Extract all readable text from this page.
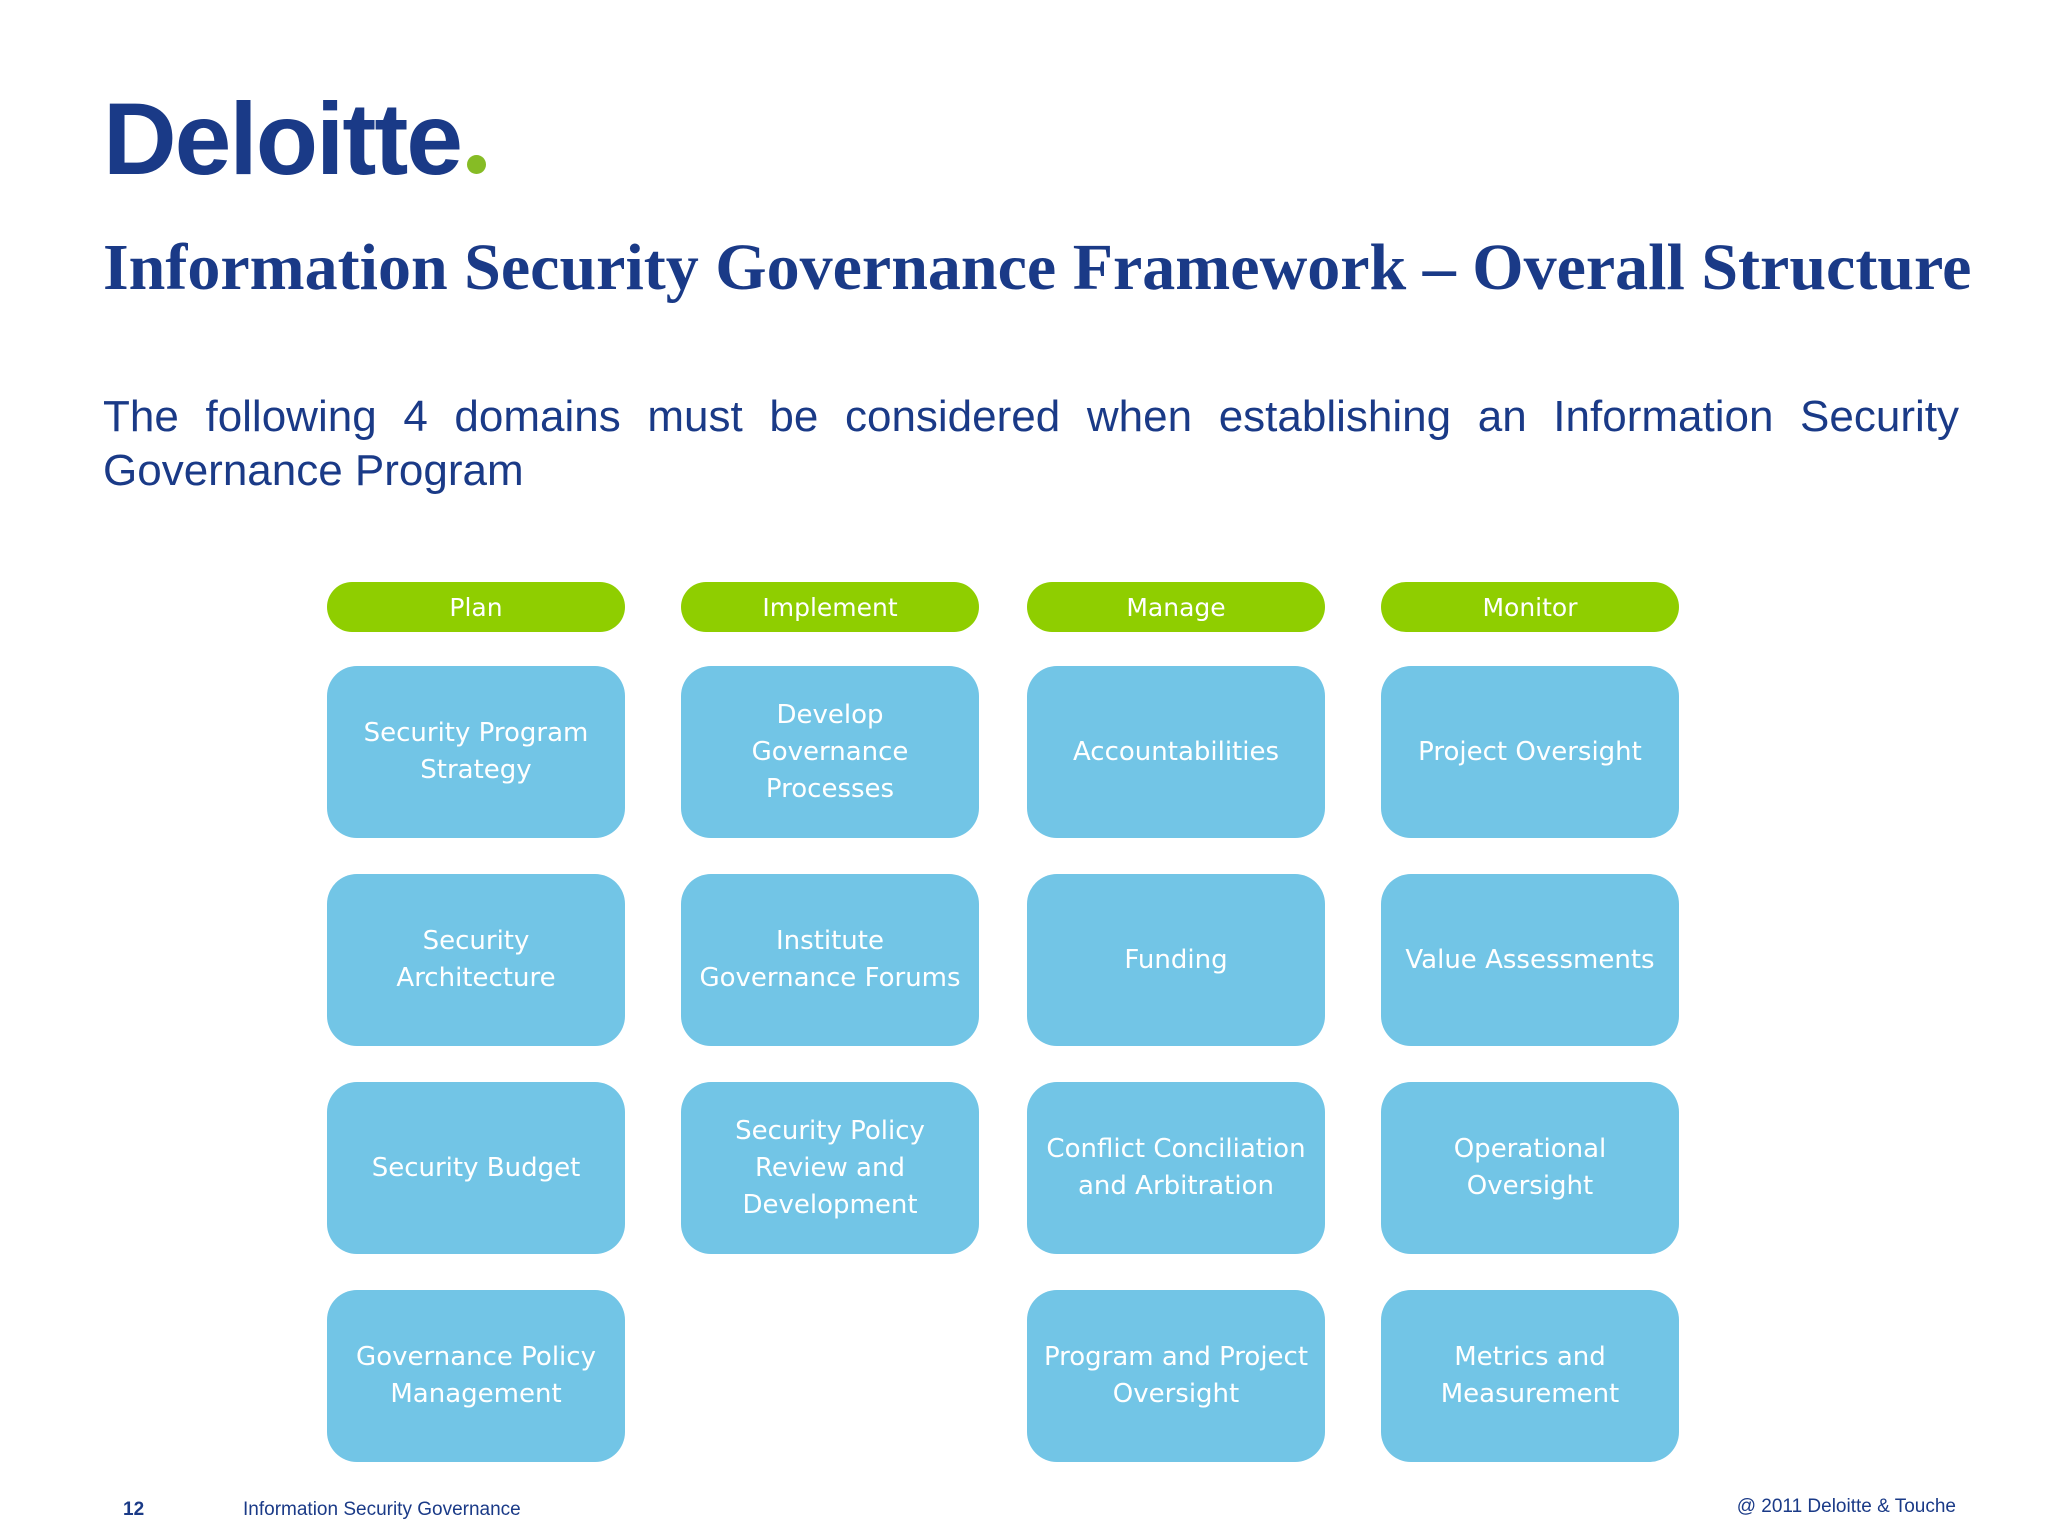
Deloitte
Information Security Governance Framework – Overall Structure

The following 4 domains must be considered when establishing an Information Security Governance Program

Plan
Security Program Strategy
Security Architecture
Security Budget
Governance Policy Management
Implement
Develop Governance Processes
Institute Governance Forums
Security Policy Review and Development
Manage
Accountabilities
Funding
Conflict Conciliation and Arbitration
Program and Project Oversight
Monitor
Project Oversight
Value Assessments
Operational Oversight
Metrics and Measurement
12	Information Security Governance	@ 2011 Deloitte & Touche
